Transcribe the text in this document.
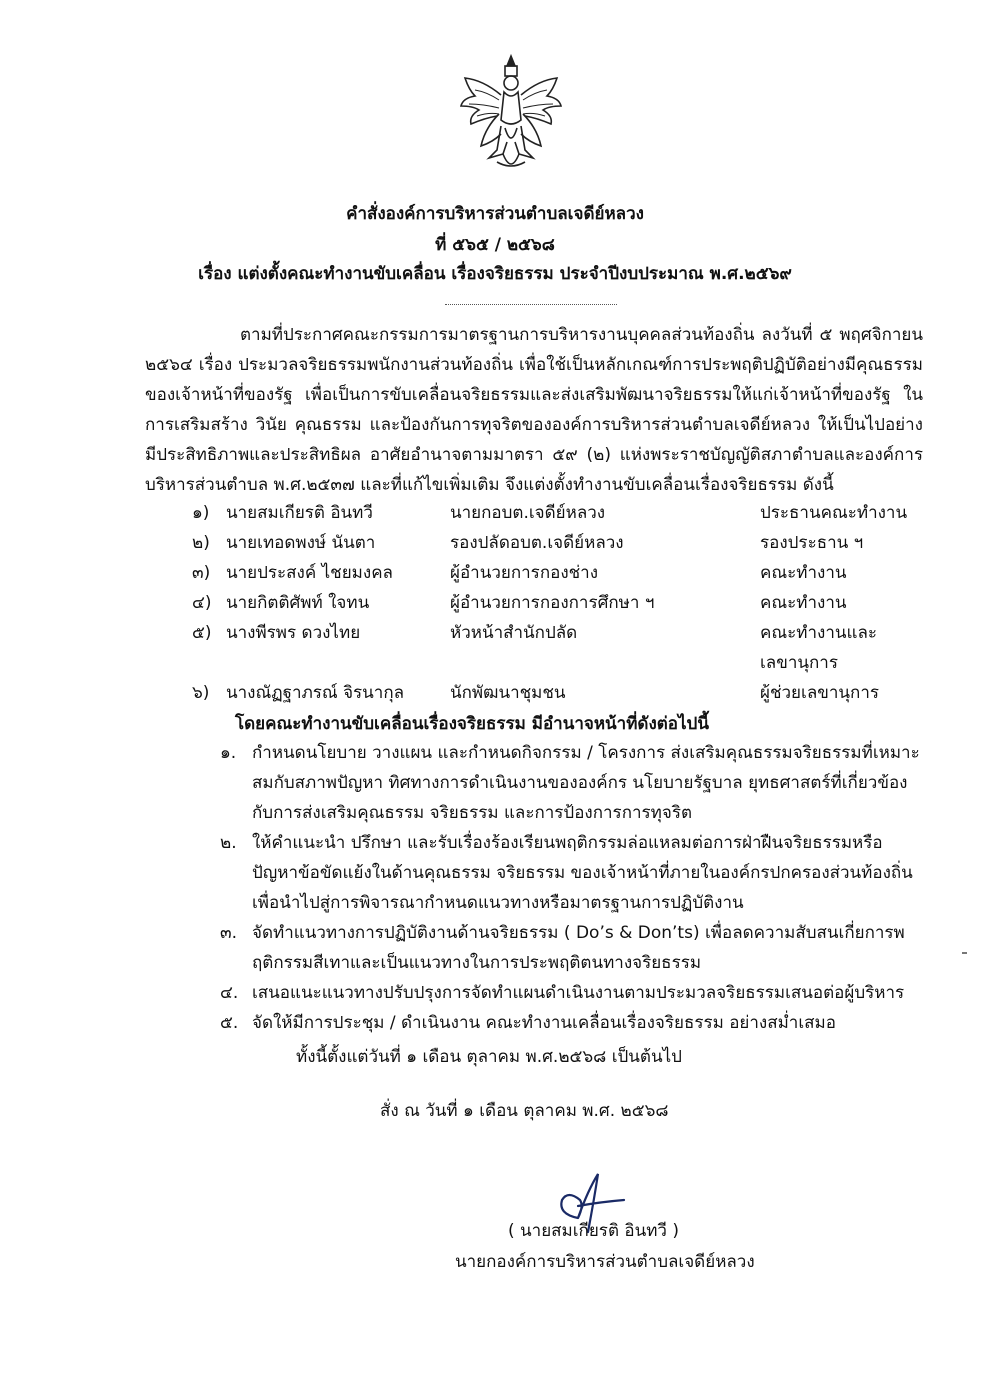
คำสั่งองค์การบริหารส่วนตำบลเจดีย์หลวง
ที่ ๕๖๕ / ๒๕๖๘
เรื่อง แต่งตั้งคณะทำงานขับเคลื่อน เรื่องจริยธรรม ประจำปีงบประมาณ พ.ศ.๒๕๖๙

ตามที่ประกาศคณะกรรมการมาตรฐานการบริหารงานบุคคลส่วนท้องถิ่น ลงวันที่ ๕ พฤศจิกายน ๒๕๖๔ เรื่อง ประมวลจริยธรรมพนักงานส่วนท้องถิ่น เพื่อใช้เป็นหลักเกณฑ์การประพฤติปฏิบัติอย่างมีคุณธรรมของเจ้าหน้าที่ของรัฐ เพื่อเป็นการขับเคลื่อนจริยธรรมและส่งเสริมพัฒนาจริยธรรมให้แก่เจ้าหน้าที่ของรัฐ ในการเสริมสร้าง วินัย คุณธรรม และป้องกันการทุจริตขององค์การบริหารส่วนตำบลเจดีย์หลวง ให้เป็นไปอย่างมีประสิทธิภาพและประสิทธิผล อาศัยอำนาจตามมาตรา ๕๙ (๒) แห่งพระราชบัญญัติสภาตำบลและองค์การบริหารส่วนตำบล พ.ศ.๒๕๓๗ และที่แก้ไขเพิ่มเติม จึงแต่งตั้งทำงานขับเคลื่อนเรื่องจริยธรรม ดังนี้

๑) นายสมเกียรติ อินทวี	นายกอบต.เจดีย์หลวง	ประธานคณะทำงาน
๒) นายเทอดพงษ์ นันตา	รองปลัดอบต.เจดีย์หลวง	รองประธาน ฯ
๓) นายประสงค์ ไชยมงคล	ผู้อำนวยการกองช่าง	คณะทำงาน
๔) นายกิตติศัพท์ ใจทน	ผู้อำนวยการกองการศึกษา ฯ	คณะทำงาน
๕) นางพีรพร ดวงไทย	หัวหน้าสำนักปลัด	คณะทำงานและเลขานุการ
๖) นางณัฏฐาภรณ์ จิรนากุล	นักพัฒนาชุมชน	ผู้ช่วยเลขานุการ
โดยคณะทำงานขับเคลื่อนเรื่องจริยธรรม มีอำนาจหน้าที่ดังต่อไปนี้
๑. กำหนดนโยบาย วางแผน และกำหนดกิจกรรม / โครงการ ส่งเสริมคุณธรรมจริยธรรมที่เหมาะสมกับสภาพปัญหา ทิศทางการดำเนินงานขององค์กร นโยบายรัฐบาล ยุทธศาสตร์ที่เกี่ยวข้องกับการส่งเสริมคุณธรรม จริยธรรม และการป้องการการทุจริต
๒. ให้คำแนะนำ ปรึกษา และรับเรื่องร้องเรียนพฤติกรรมล่อแหลมต่อการฝ่าฝืนจริยธรรมหรือปัญหาข้อขัดแย้งในด้านคุณธรรม จริยธรรม ของเจ้าหน้าที่ภายในองค์กรปกครองส่วนท้องถิ่น เพื่อนำไปสู่การพิจารณากำหนดแนวทางหรือมาตรฐานการปฏิบัติงาน
๓. จัดทำแนวทางการปฏิบัติงานด้านจริยธรรม ( Do’s & Don’ts) เพื่อลดความสับสนเกี่ยการพฤติกรรมสีเทาและเป็นแนวทางในการประพฤติตนทางจริยธรรม
๔. เสนอแนะแนวทางปรับปรุงการจัดทำแผนดำเนินงานตามประมวลจริยธรรมเสนอต่อผู้บริหาร
๕. จัดให้มีการประชุม / ดำเนินงาน คณะทำงานเคลื่อนเรื่องจริยธรรม อย่างสม่ำเสมอ
ทั้งนี้ตั้งแต่วันที่ ๑ เดือน ตุลาคม พ.ศ.๒๕๖๘ เป็นต้นไป
สั่ง ณ วันที่ ๑ เดือน ตุลาคม พ.ศ. ๒๕๖๘
( นายสมเกียรติ อินทวี )
นายกองค์การบริหารส่วนตำบลเจดีย์หลวง
